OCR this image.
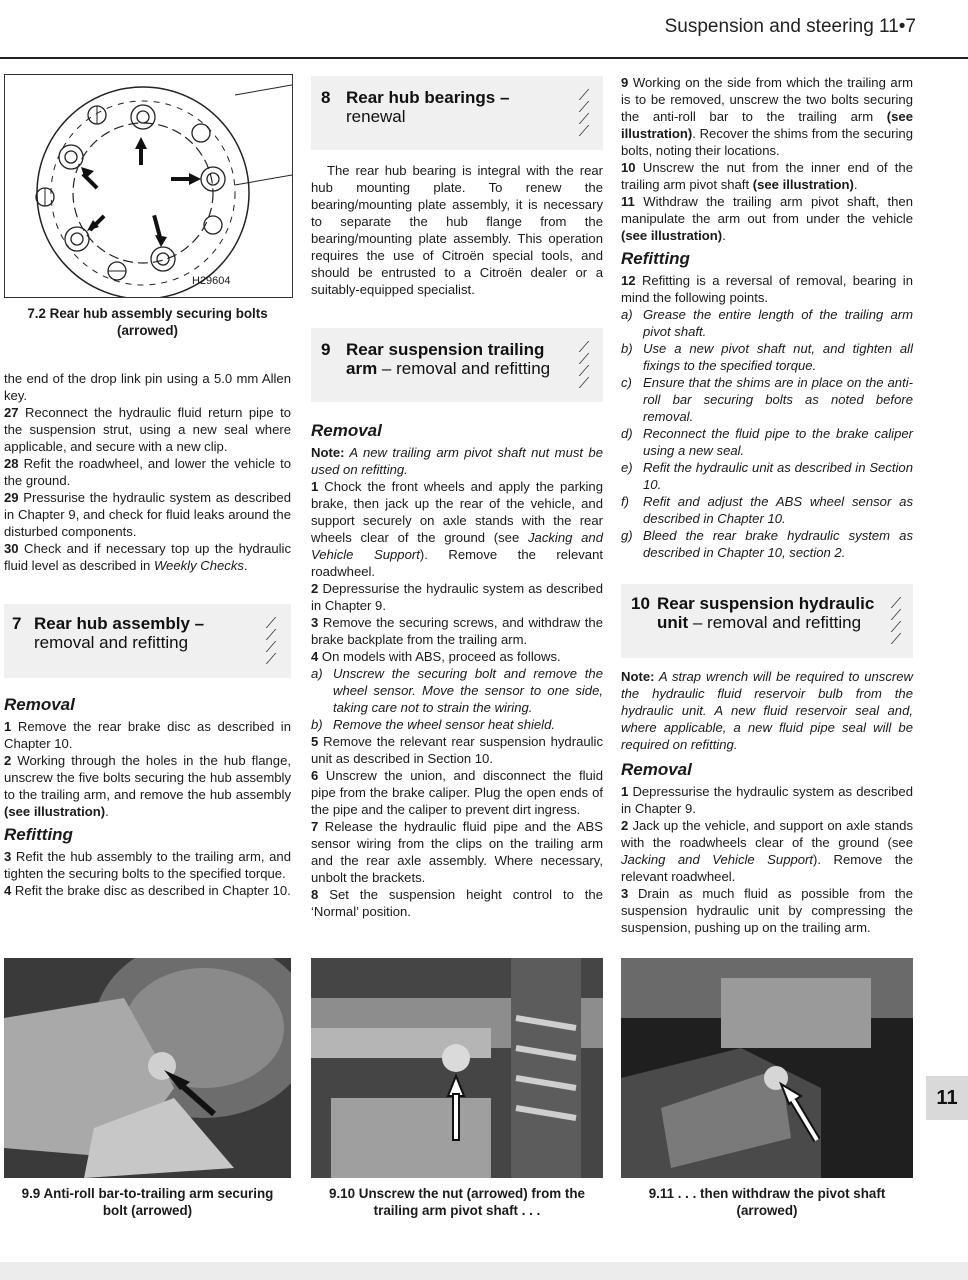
Suspension and steering 11•7
H29604
7.2 Rear hub assembly securing bolts
(arrowed)

the end of the drop link pin using a 5.0 mm Allen key.

27 Reconnect the hydraulic fluid return pipe to the suspension strut, using a new seal where applicable, and secure with a new clip.

28 Refit the roadwheel, and lower the vehicle to the ground.

29 Pressurise the hydraulic system as described in Chapter 9, and check for fluid leaks around the disturbed components.

30 Check and if necessary top up the hydraulic fluid level as described in Weekly Checks.

7 Rear hub assembly –
removal and refitting
⟋
⟋
⟋
⟋
Removal

1 Remove the rear brake disc as described in Chapter 10.

2 Working through the holes in the hub flange, unscrew the five bolts securing the hub assembly to the trailing arm, and remove the hub assembly (see illustration).

Refitting

3 Refit the hub assembly to the trailing arm, and tighten the securing bolts to the specified torque.

4 Refit the brake disc as described in Chapter 10.

8 Rear hub bearings –
renewal
⟋
⟋
⟋
⟋

The rear hub bearing is integral with the rear hub mounting plate. To renew the bearing/mounting plate assembly, it is necessary to separate the hub flange from the bearing/mounting plate assembly. This operation requires the use of Citroën special tools, and should be entrusted to a Citroën dealer or a suitably-equipped specialist.

9 Rear suspension trailing
arm – removal and refitting
⟋
⟋
⟋
⟋
Removal

Note: A new trailing arm pivot shaft nut must be used on refitting.

1 Chock the front wheels and apply the parking brake, then jack up the rear of the vehicle, and support securely on axle stands with the rear wheels clear of the ground (see Jacking and Vehicle Support). Remove the relevant roadwheel.

2 Depressurise the hydraulic system as described in Chapter 9.

3 Remove the securing screws, and withdraw the brake backplate from the trailing arm.

4 On models with ABS, proceed as follows.

a) Unscrew the securing bolt and remove the wheel sensor. Move the sensor to one side, taking care not to strain the wiring.

b) Remove the wheel sensor heat shield.

5 Remove the relevant rear suspension hydraulic unit as described in Section 10.

6 Unscrew the union, and disconnect the fluid pipe from the brake caliper. Plug the open ends of the pipe and the caliper to prevent dirt ingress.

7 Release the hydraulic fluid pipe and the ABS sensor wiring from the clips on the trailing arm and the rear axle assembly. Where necessary, unbolt the brackets.

8 Set the suspension height control to the ‘Normal’ position.

9 Working on the side from which the trailing arm is to be removed, unscrew the two bolts securing the anti-roll bar to the trailing arm (see illustration). Recover the shims from the securing bolts, noting their locations.

10 Unscrew the nut from the inner end of the trailing arm pivot shaft (see illustration).

11 Withdraw the trailing arm pivot shaft, then manipulate the arm out from under the vehicle (see illustration).

Refitting

12 Refitting is a reversal of removal, bearing in mind the following points.

a) Grease the entire length of the trailing arm pivot shaft.

b) Use a new pivot shaft nut, and tighten all fixings to the specified torque.

c) Ensure that the shims are in place on the anti-roll bar securing bolts as noted before removal.

d) Reconnect the fluid pipe to the brake caliper using a new seal.

e) Refit the hydraulic unit as described in Section 10.

f) Refit and adjust the ABS wheel sensor as described in Chapter 10.

g) Bleed the rear brake hydraulic system as described in Chapter 10, section 2.

10 Rear suspension hydraulic
unit – removal and refitting
⟋
⟋
⟋
⟋

Note: A strap wrench will be required to unscrew the hydraulic fluid reservoir bulb from the hydraulic unit. A new fluid reservoir seal and, where applicable, a new fluid pipe seal will be required on refitting.

Removal

1 Depressurise the hydraulic system as described in Chapter 9.

2 Jack up the vehicle, and support on axle stands with the roadwheels clear of the ground (see Jacking and Vehicle Support). Remove the relevant roadwheel.

3 Drain as much fluid as possible from the suspension hydraulic unit by compressing the suspension, pushing up on the trailing arm.

9.9 Anti-roll bar-to-trailing arm securing
bolt (arrowed)
9.10 Unscrew the nut (arrowed) from the
trailing arm pivot shaft . . .
9.11 . . . then withdraw the pivot shaft
(arrowed)
11
